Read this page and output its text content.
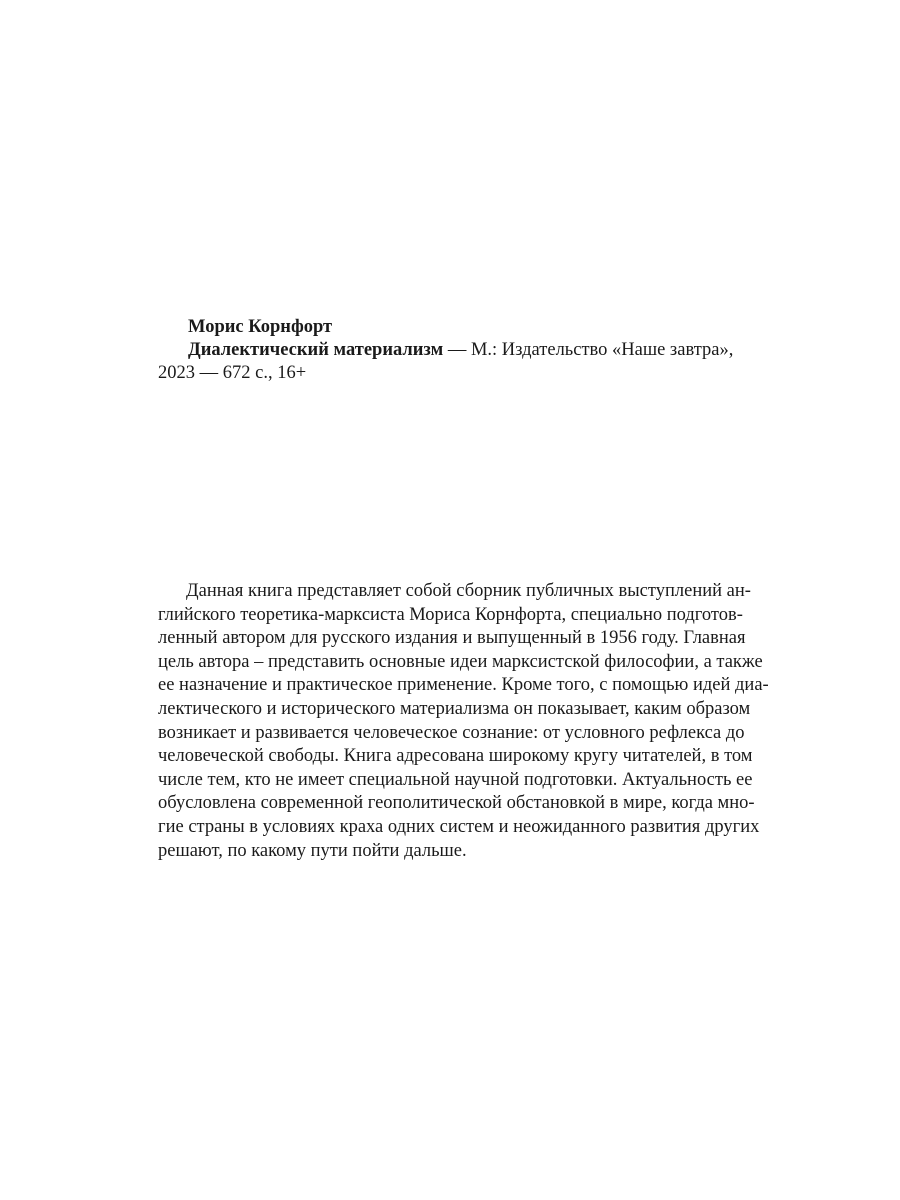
Морис Корнфорт
Диалектический материализм — М.: Издательство «Наше завтра»,
2023 — 672 с., 16+
Данная книга представляет собой сборник публичных выступлений ан-
глийского теоретика-марксиста Мориса Корнфорта, специально подготов-
ленный автором для русского издания и выпущенный в 1956 году. Главная
цель автора – представить основные идеи марксистской философии, а также
ее назначение и практическое применение. Кроме того, с помощью идей диа-
лектического и исторического материализма он показывает, каким образом
возникает и развивается человеческое сознание: от условного рефлекса до
человеческой свободы. Книга адресована широкому кругу читателей, в том
числе тем, кто не имеет специальной научной подготовки. Актуальность ее
обусловлена современной геополитической обстановкой в мире, когда мно-
гие страны в условиях краха одних систем и неожиданного развития других
решают, по какому пути пойти дальше.
